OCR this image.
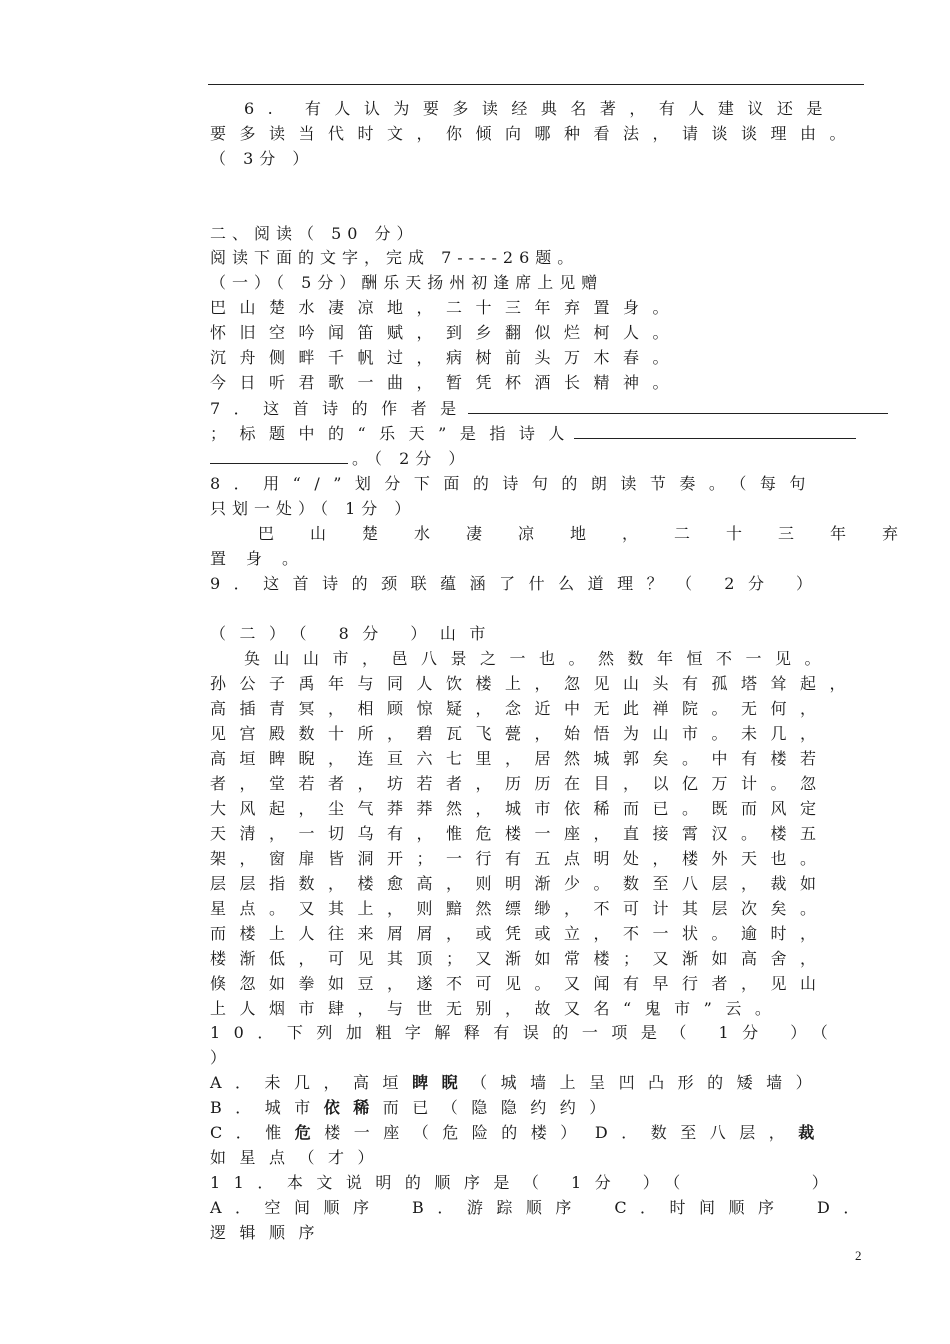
6. 有人认为要多读经典名著，有人建议还是
要多读当代时文，你倾向哪种看法，请谈谈理由。
（ 3分 ）
二、阅读（ 50 分）
阅读下面的文字，完成 7----26题。
（一）（ 5分）酬乐天扬州初逢席上见赠
巴山楚水凄凉地，二十三年弃置身。
怀旧空吟闻笛赋，到乡翻似烂柯人。
沉舟侧畔千帆过，病树前头万木春。
今日听君歌一曲，暂凭杯酒长精神。
7．这首诗的作者是
；标题中的“乐天”是指诗人
。（ 2分 ）
8．用“/”划分下面的诗句的朗读节奏。（每句
只划一处）（ 1分 ）
巴山楚水凄凉地，二十三年弃
置身。
9．这首诗的颈联蕴涵了什么道理？（ 2分 ）
（二）（ 8分 ）山市
奂山山市，邑八景之一也。然数年恒不一见。
孙公子禹年与同人饮楼上，忽见山头有孤塔耸起，
高插青冥，相顾惊疑，念近中无此禅院。无何，
见宫殿数十所，碧瓦飞甍，始悟为山市。未几，
高垣睥睨，连亘六七里，居然城郭矣。中有楼若
者，堂若者，坊若者，历历在目，以亿万计。忽
大风起，尘气莽莽然，城市依稀而已。既而风定
天清，一切乌有，惟危楼一座，直接霄汉。楼五
架，窗扉皆洞开；一行有五点明处，楼外天也。
层层指数，楼愈高，则明渐少。数至八层，裁如
星点。又其上，则黯然缥缈，不可计其层次矣。
而楼上人往来屑屑，或凭或立，不一状。逾时，
楼渐低，可见其顶；又渐如常楼；又渐如高舍，
倏忽如拳如豆，遂不可见。又闻有早行者，见山
上人烟市肆，与世无别，故又名“鬼市”云。
10．下列加粗字解释有误的一项是（ 1分 ）（
）
A．未几，高垣睥睨（城墙上呈凹凸形的矮墙）
B．城市依稀而已（隐隐约约）
C．惟危楼一座（危险的楼） D．数至八层，裁
如星点（才）
11．本文说明的顺序是（ 1分 ）（　　　　）
A．空间顺序　B．游踪顺序　C．时间顺序　D．
逻辑顺序
2
